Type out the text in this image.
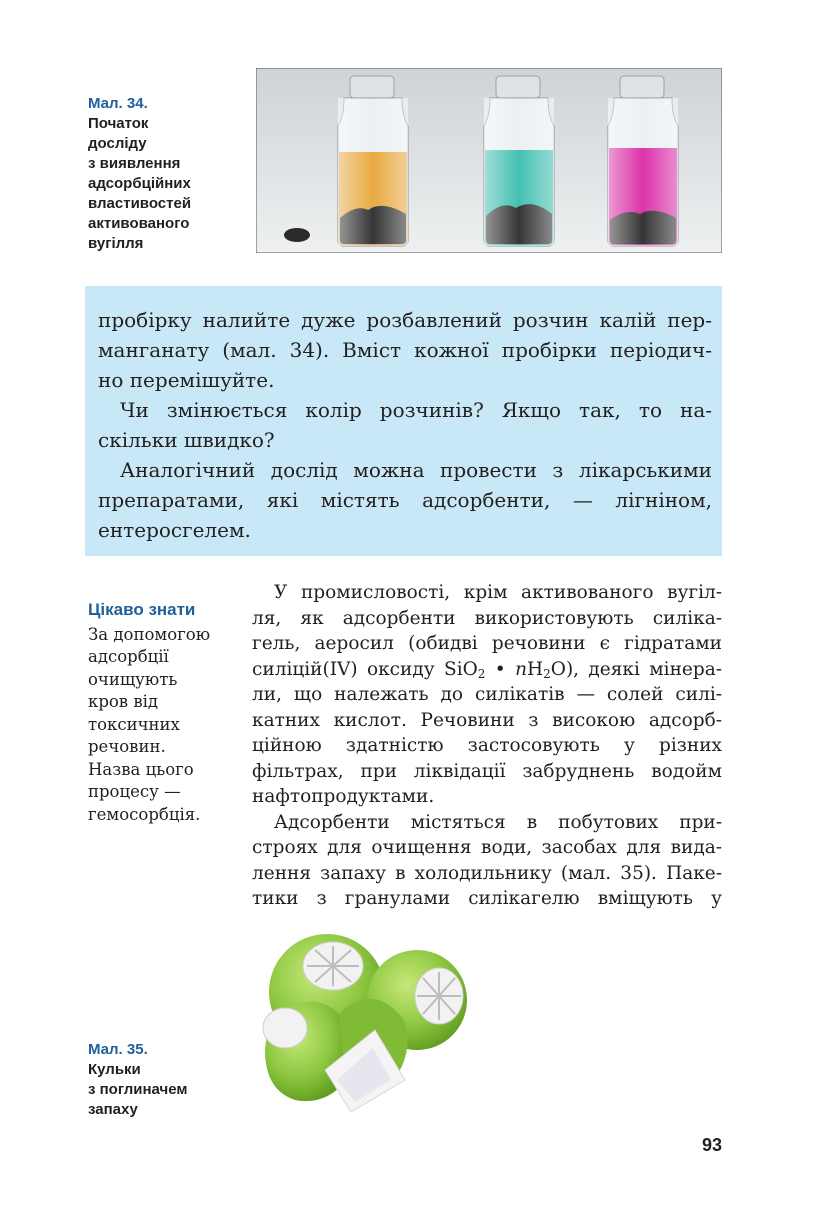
Мал. 34.
Початок
досліду
з виявлення
адсорбційних
властивостей
активованого
вугілля
пробірку налийте дуже розбавлений розчин калій пер-
манганату (мал. 34). Вміст кожної пробірки періодич-
но перемішуйте.
Чи змінюється колір розчинів? Якщо так, то на-
скільки швидко?
Аналогічний дослід можна провести з лікарськими
препаратами, які містять адсорбенти, — лігніном,
ентеросгелем.
Цікаво знати
За допомогою
адсорбції
очищують
кров від
токсичних
речовин.
Назва цього
процесу —
гемосорбція.
У промисловості, крім активованого вугіл-
ля, як адсорбенти використовують силіка-
гель, аеросил (обидві речовини є гідратами
силіцій(IV) оксиду SiO$_2$ • $nH_2O$), деякі мінера-
ли, що належать до силікатів — солей силі-
катних кислот. Речовини з високою адсорб-
ційною здатністю застосовують у різних
фільтрах, при ліквідації забруднень водойм
нафтопродуктами.
Адсорбенти містяться в побутових при-
строях для очищення води, засобах для вида-
лення запаху в холодильнику (мал. 35). Паке-
тики з гранулами силікагелю вміщують у
Мал. 35.
Кульки
з поглиначем
запаху
93
